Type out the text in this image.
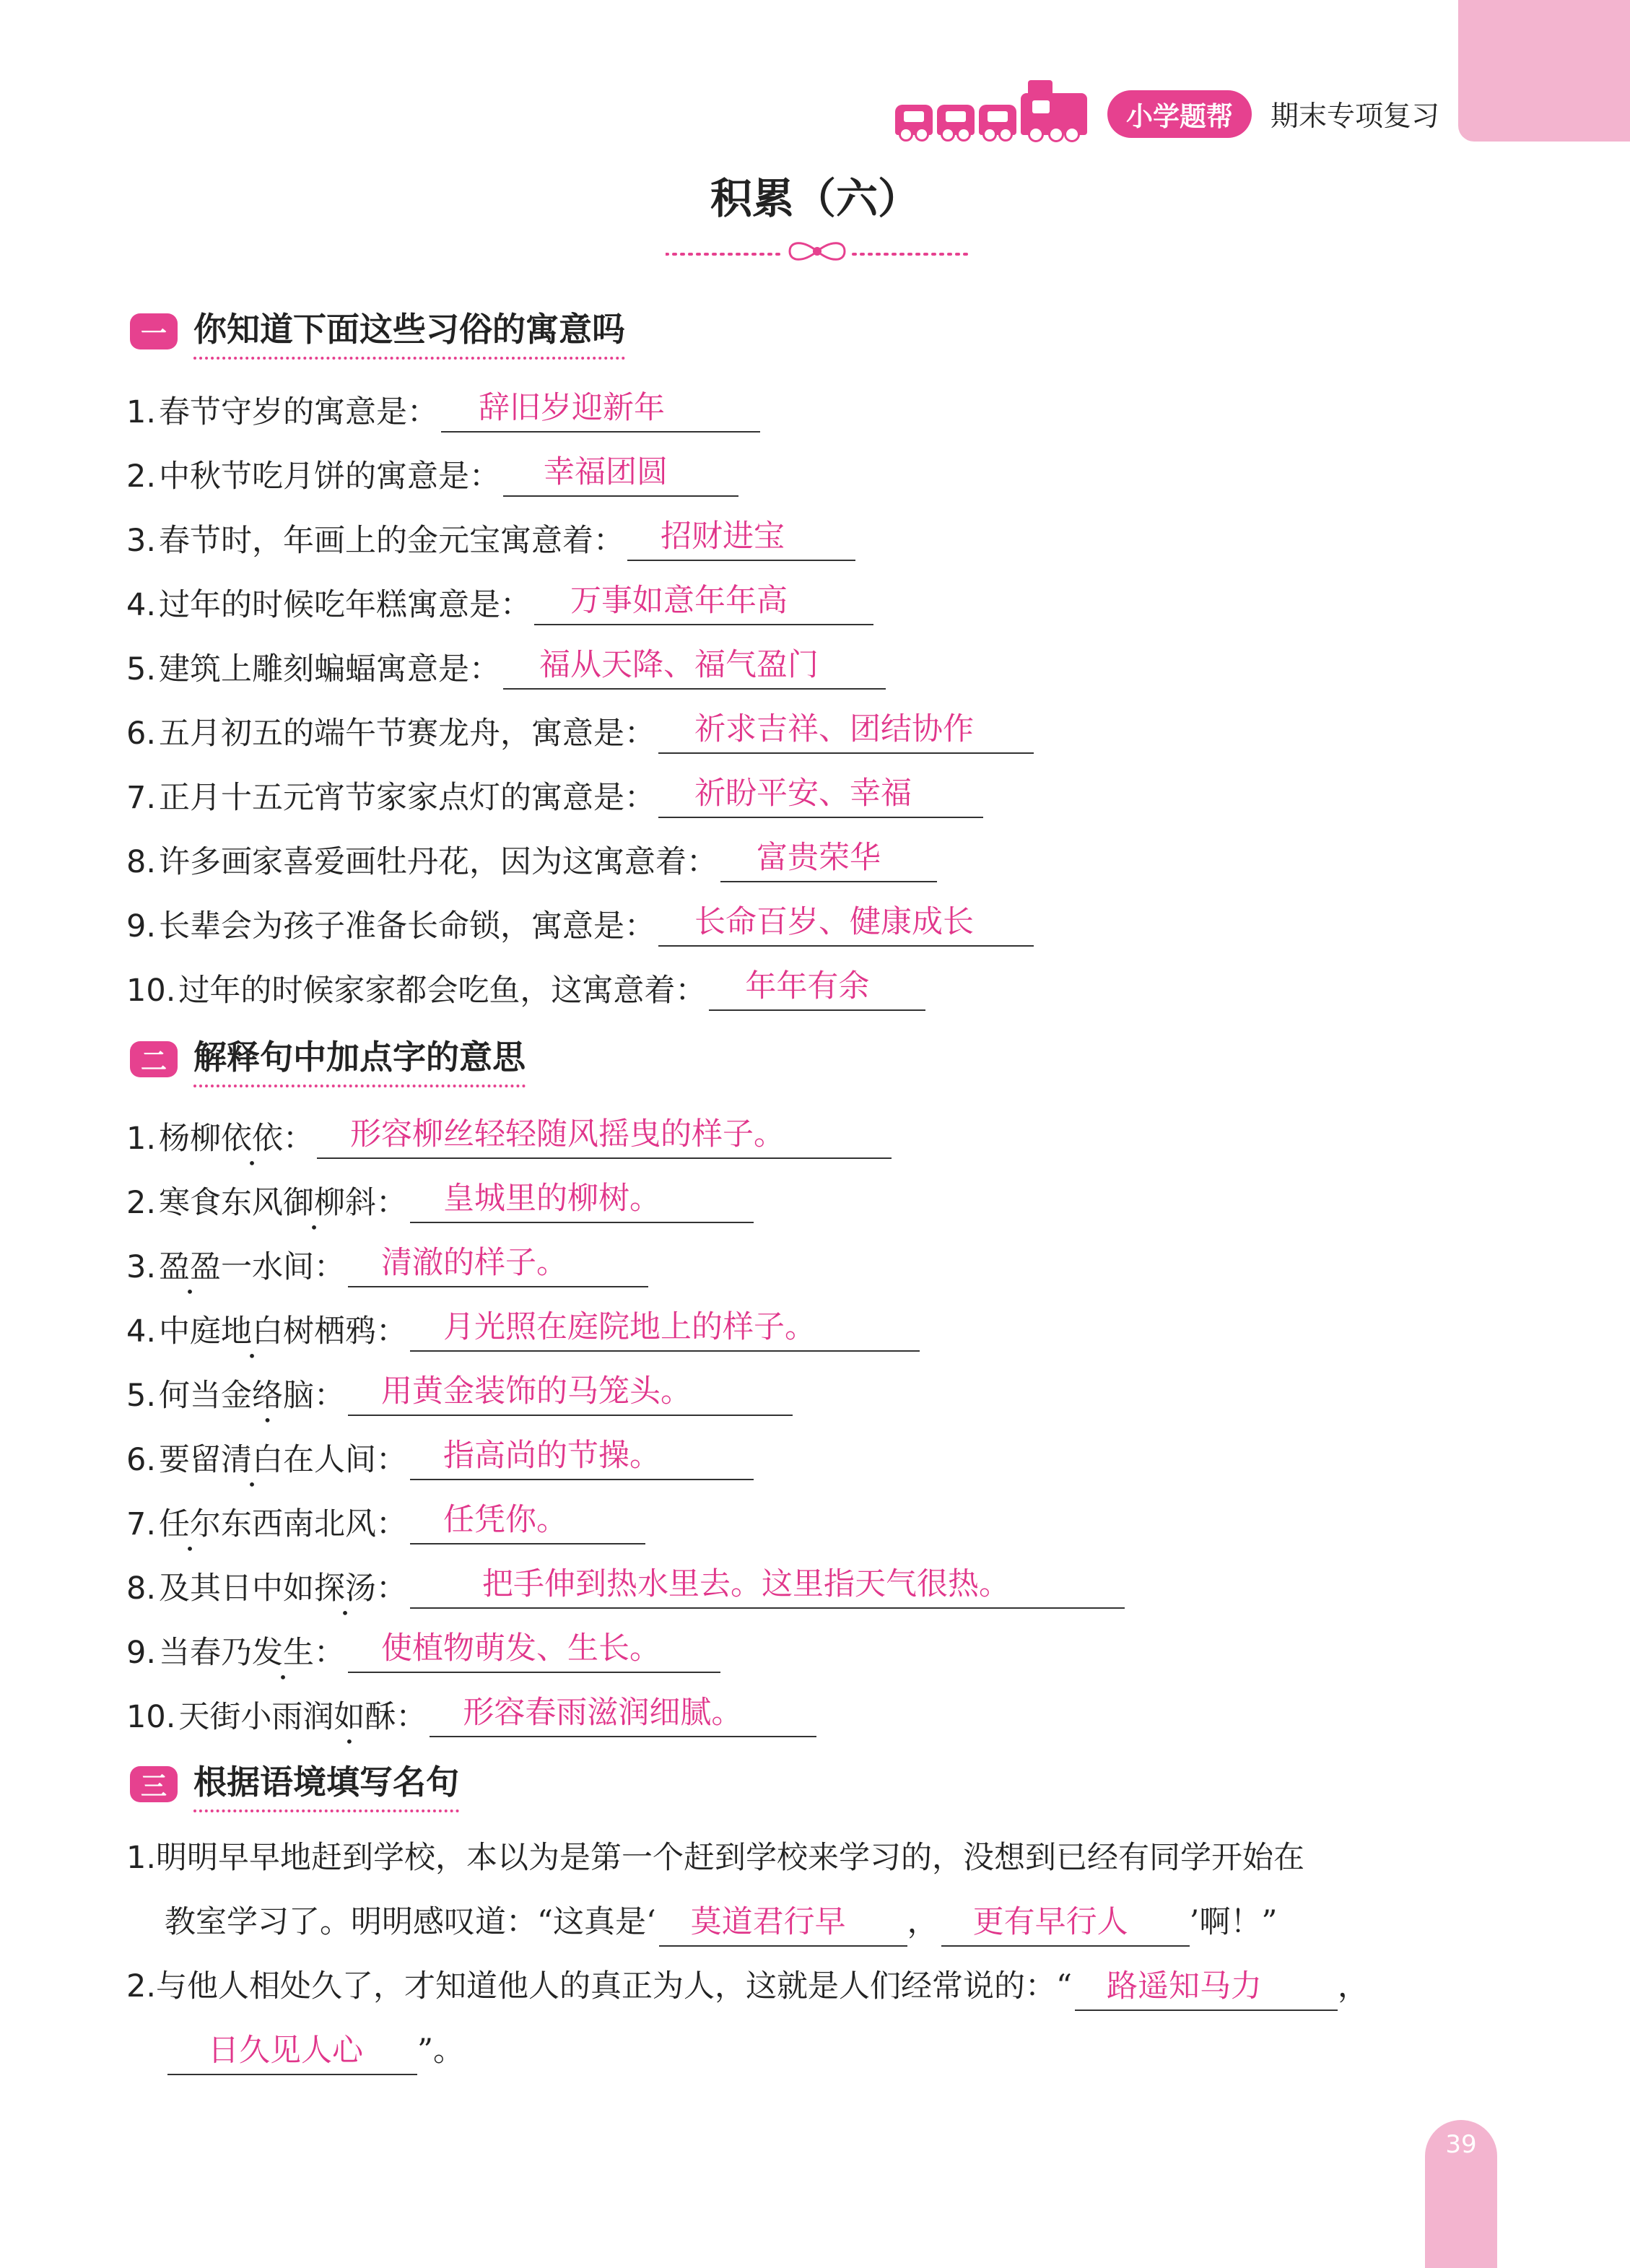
小学题帮	期末专项复习
积累（六）
一 你知道下面这些习俗的寓意吗
1. 春节守岁的寓意是：	辞旧岁迎新年
2. 中秋节吃月饼的寓意是：	幸福团圆
3. 春节时，年画上的金元宝寓意着：	招财进宝
4. 过年的时候吃年糕寓意是：	万事如意年年高
5. 建筑上雕刻蝙蝠寓意是：	福从天降、福气盈门
6. 五月初五的端午节赛龙舟，寓意是：	祈求吉祥、团结协作
7. 正月十五元宵节家家点灯的寓意是：	祈盼平安、幸福
8. 许多画家喜爱画牡丹花，因为这寓意着：	富贵荣华
9. 长辈会为孩子准备长命锁，寓意是：	长命百岁、健康成长
10. 过年的时候家家都会吃鱼，这寓意着：	年年有余
二 解释句中加点字的意思
1. 杨柳 依依 • ：	形容柳丝轻轻随风摇曳的样子。
2. 寒食东风 御柳 • 斜：	皇城里的柳树。
3. 盈盈 • 一水间：	清澈的样子。
4. 中庭 地白 • 树栖鸦：	月光照在庭院地上的样子。
5. 何当 金络脑 • ：	用黄金装饰的马笼头。
6. 要留 清白 • 在人间：	指高尚的节操。
7. 任尔 • 东西南北风：	任凭你。
8. 及其日中如 探汤 • ：	把手伸到热水里去。这里指天气很热。
9. 当春乃 发生 • ：	使植物萌发、生长。
10. 天街小雨 润如酥 • ：	形容春雨滋润细腻。
三 根据语境填写名句
1.明明早早地赶到学校，本以为是第一个赶到学校来学习的，没想到已经有同学开始在
教室学习了。明明感叹道：“这真是‘ 莫道君行早 ， 更有早行人 ’啊！”
2.与他人相处久了，才知道他人的真正为人，这就是人们经常说的：“ 路遥知马力 ，
日久见人心 ”。
39
